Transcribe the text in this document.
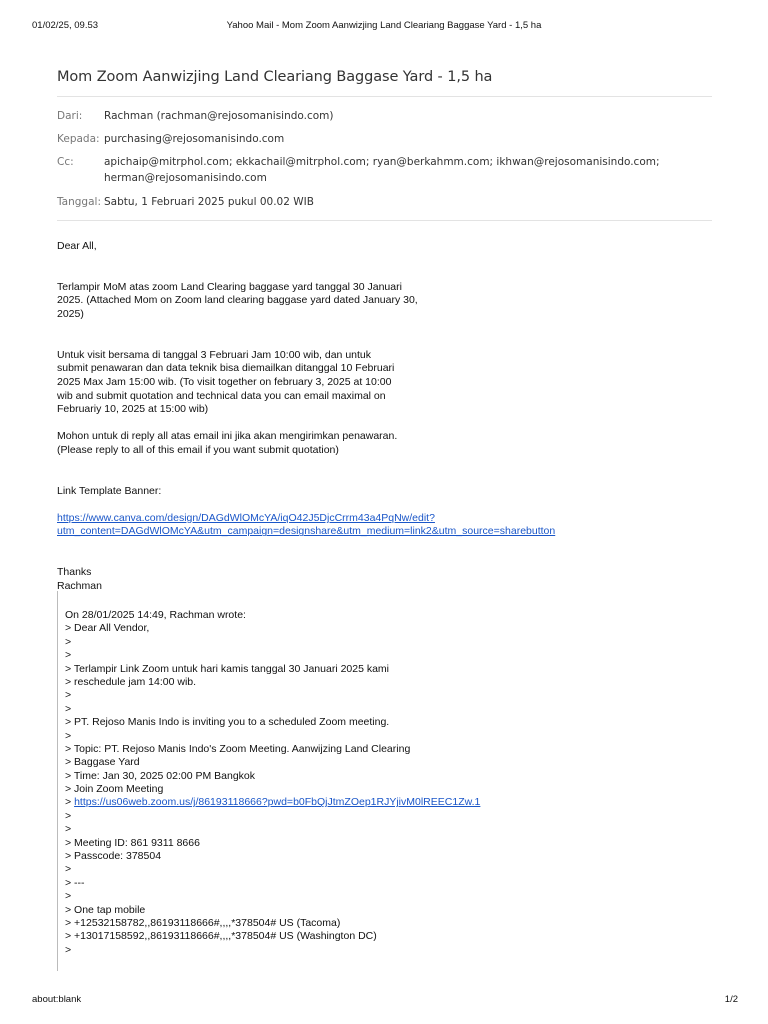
01/02/25, 09.53	Yahoo Mail - Mom Zoom Aanwizjing Land Cleariang Baggase Yard - 1,5 ha
Mom Zoom Aanwizjing Land Cleariang Baggase Yard - 1,5 ha
Dari: Rachman (rachman@rejosomanisindo.com)
Kepada: purchasing@rejosomanisindo.com
Cc:	apichaip@mitrphol.com; ekkachail@mitrphol.com; ryan@berkahmm.com; ikhwan@rejosomanisindo.com;
herman@rejosomanisindo.com
Tanggal: Sabtu, 1 Februari 2025 pukul 00.02 WIB

Dear All,

Terlampir MoM atas zoom Land Clearing baggase yard tanggal 30 Januari

2025. (Attached Mom on Zoom land clearing baggase yard dated January 30,

2025)

Untuk visit bersama di tanggal 3 Februari Jam 10:00 wib, dan untuk

submit penawaran dan data teknik bisa diemailkan ditanggal 10 Februari

2025 Max Jam 15:00 wib. (To visit together on february 3, 2025 at 10:00

wib and submit quotation and technical data you can email maximal on

Februariy 10, 2025 at 15:00 wib)

Mohon untuk di reply all atas email ini jika akan mengirimkan penawaran.

(Please reply to all of this email if you want submit quotation)

Link Template Banner:

https://www.canva.com/design/DAGdWlOMcYA/iqO42J5DjcCrrm43a4PqNw/edit?
utm_content=DAGdWlOMcYA&utm_campaign=designshare&utm_medium=link2&utm_source=sharebutton

Thanks

Rachman

On 28/01/2025 14:49, Rachman wrote:
> Dear All Vendor,
>
>
> Terlampir Link Zoom untuk hari kamis tanggal 30 Januari 2025 kami
> reschedule jam 14:00 wib.
>
>
> PT. Rejoso Manis Indo is inviting you to a scheduled Zoom meeting.
>
> Topic: PT. Rejoso Manis Indo's Zoom Meeting. Aanwijzing Land Clearing
> Baggase Yard
> Time: Jan 30, 2025 02:00 PM Bangkok
> Join Zoom Meeting
> https://us06web.zoom.us/j/86193118666?pwd=b0FbQjJtmZOep1RJYjivM0lREEC1Zw.1
>
>
> Meeting ID: 861 9311 8666
> Passcode: 378504
>
> ---
>
> One tap mobile
> +12532158782,,86193118666#,,,,*378504# US (Tacoma)
> +13017158592,,86193118666#,,,,*378504# US (Washington DC)
>
about:blank	1/2
